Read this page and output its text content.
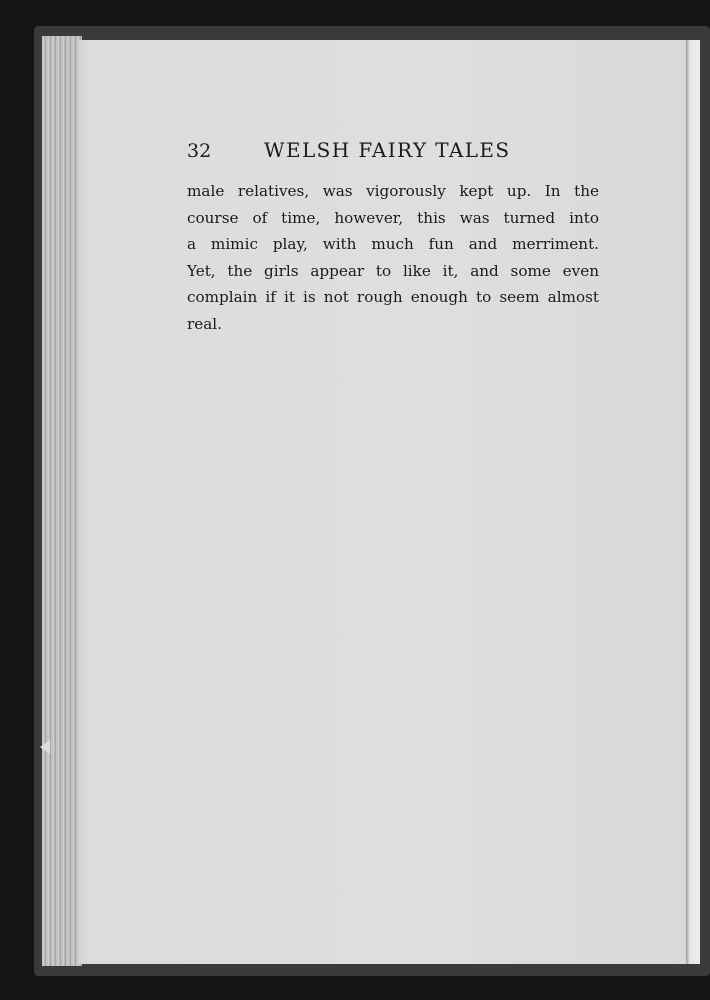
32	WELSH FAIRY TALES
male relatives, was vigorously kept up. In the
course of time, however, this was turned into
a mimic play, with much fun and merriment.
Yet, the girls appear to like it, and some even
complain if it is not rough enough to seem almost
real.
